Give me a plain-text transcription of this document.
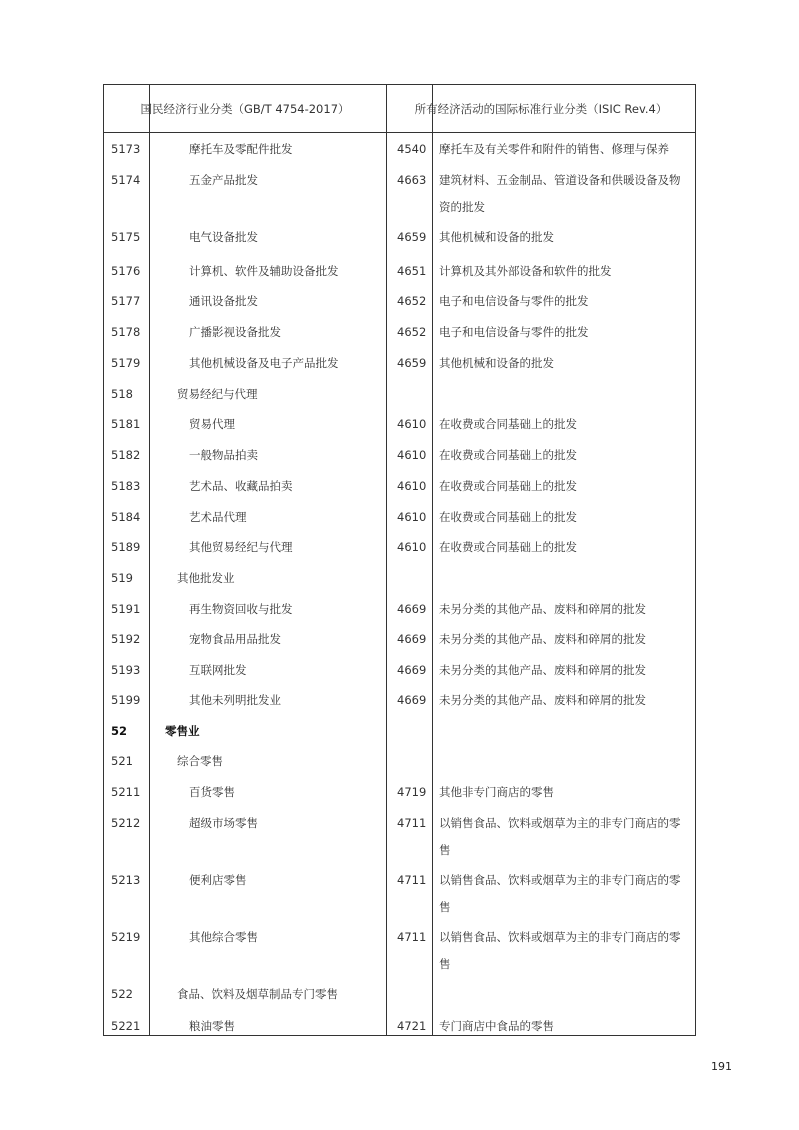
国民经济行业分类（GB/T 4754-2017）	所有经济活动的国际标准行业分类（ISIC Rev.4）
5173	摩托车及零配件批发	4540 摩托车及有关零件和附件的销售、修理与保养
5174	五金产品批发	4663 建筑材料、五金制品、管道设备和供暖设备及物资的批发
5175	电气设备批发	4659 其他机械和设备的批发
5176	计算机、软件及辅助设备批发	4651 计算机及其外部设备和软件的批发
5177	通讯设备批发	4652 电子和电信设备与零件的批发
5178	广播影视设备批发	4652 电子和电信设备与零件的批发
5179	其他机械设备及电子产品批发	4659 其他机械和设备的批发
518	贸易经纪与代理
5181	贸易代理	4610 在收费或合同基础上的批发
5182	一般物品拍卖	4610 在收费或合同基础上的批发
5183	艺术品、收藏品拍卖	4610 在收费或合同基础上的批发
5184	艺术品代理	4610 在收费或合同基础上的批发
5189	其他贸易经纪与代理	4610 在收费或合同基础上的批发
519	其他批发业
5191	再生物资回收与批发	4669 未另分类的其他产品、废料和碎屑的批发
5192	宠物食品用品批发	4669 未另分类的其他产品、废料和碎屑的批发
5193	互联网批发	4669 未另分类的其他产品、废料和碎屑的批发
5199	其他未列明批发业	4669 未另分类的其他产品、废料和碎屑的批发
52	零售业
521	综合零售
5211	百货零售	4719 其他非专门商店的零售
5212	超级市场零售	4711 以销售食品、饮料或烟草为主的非专门商店的零售
5213	便利店零售	4711 以销售食品、饮料或烟草为主的非专门商店的零售
5219	其他综合零售	4711 以销售食品、饮料或烟草为主的非专门商店的零售
522	食品、饮料及烟草制品专门零售
5221	粮油零售	4721 专门商店中食品的零售
191
